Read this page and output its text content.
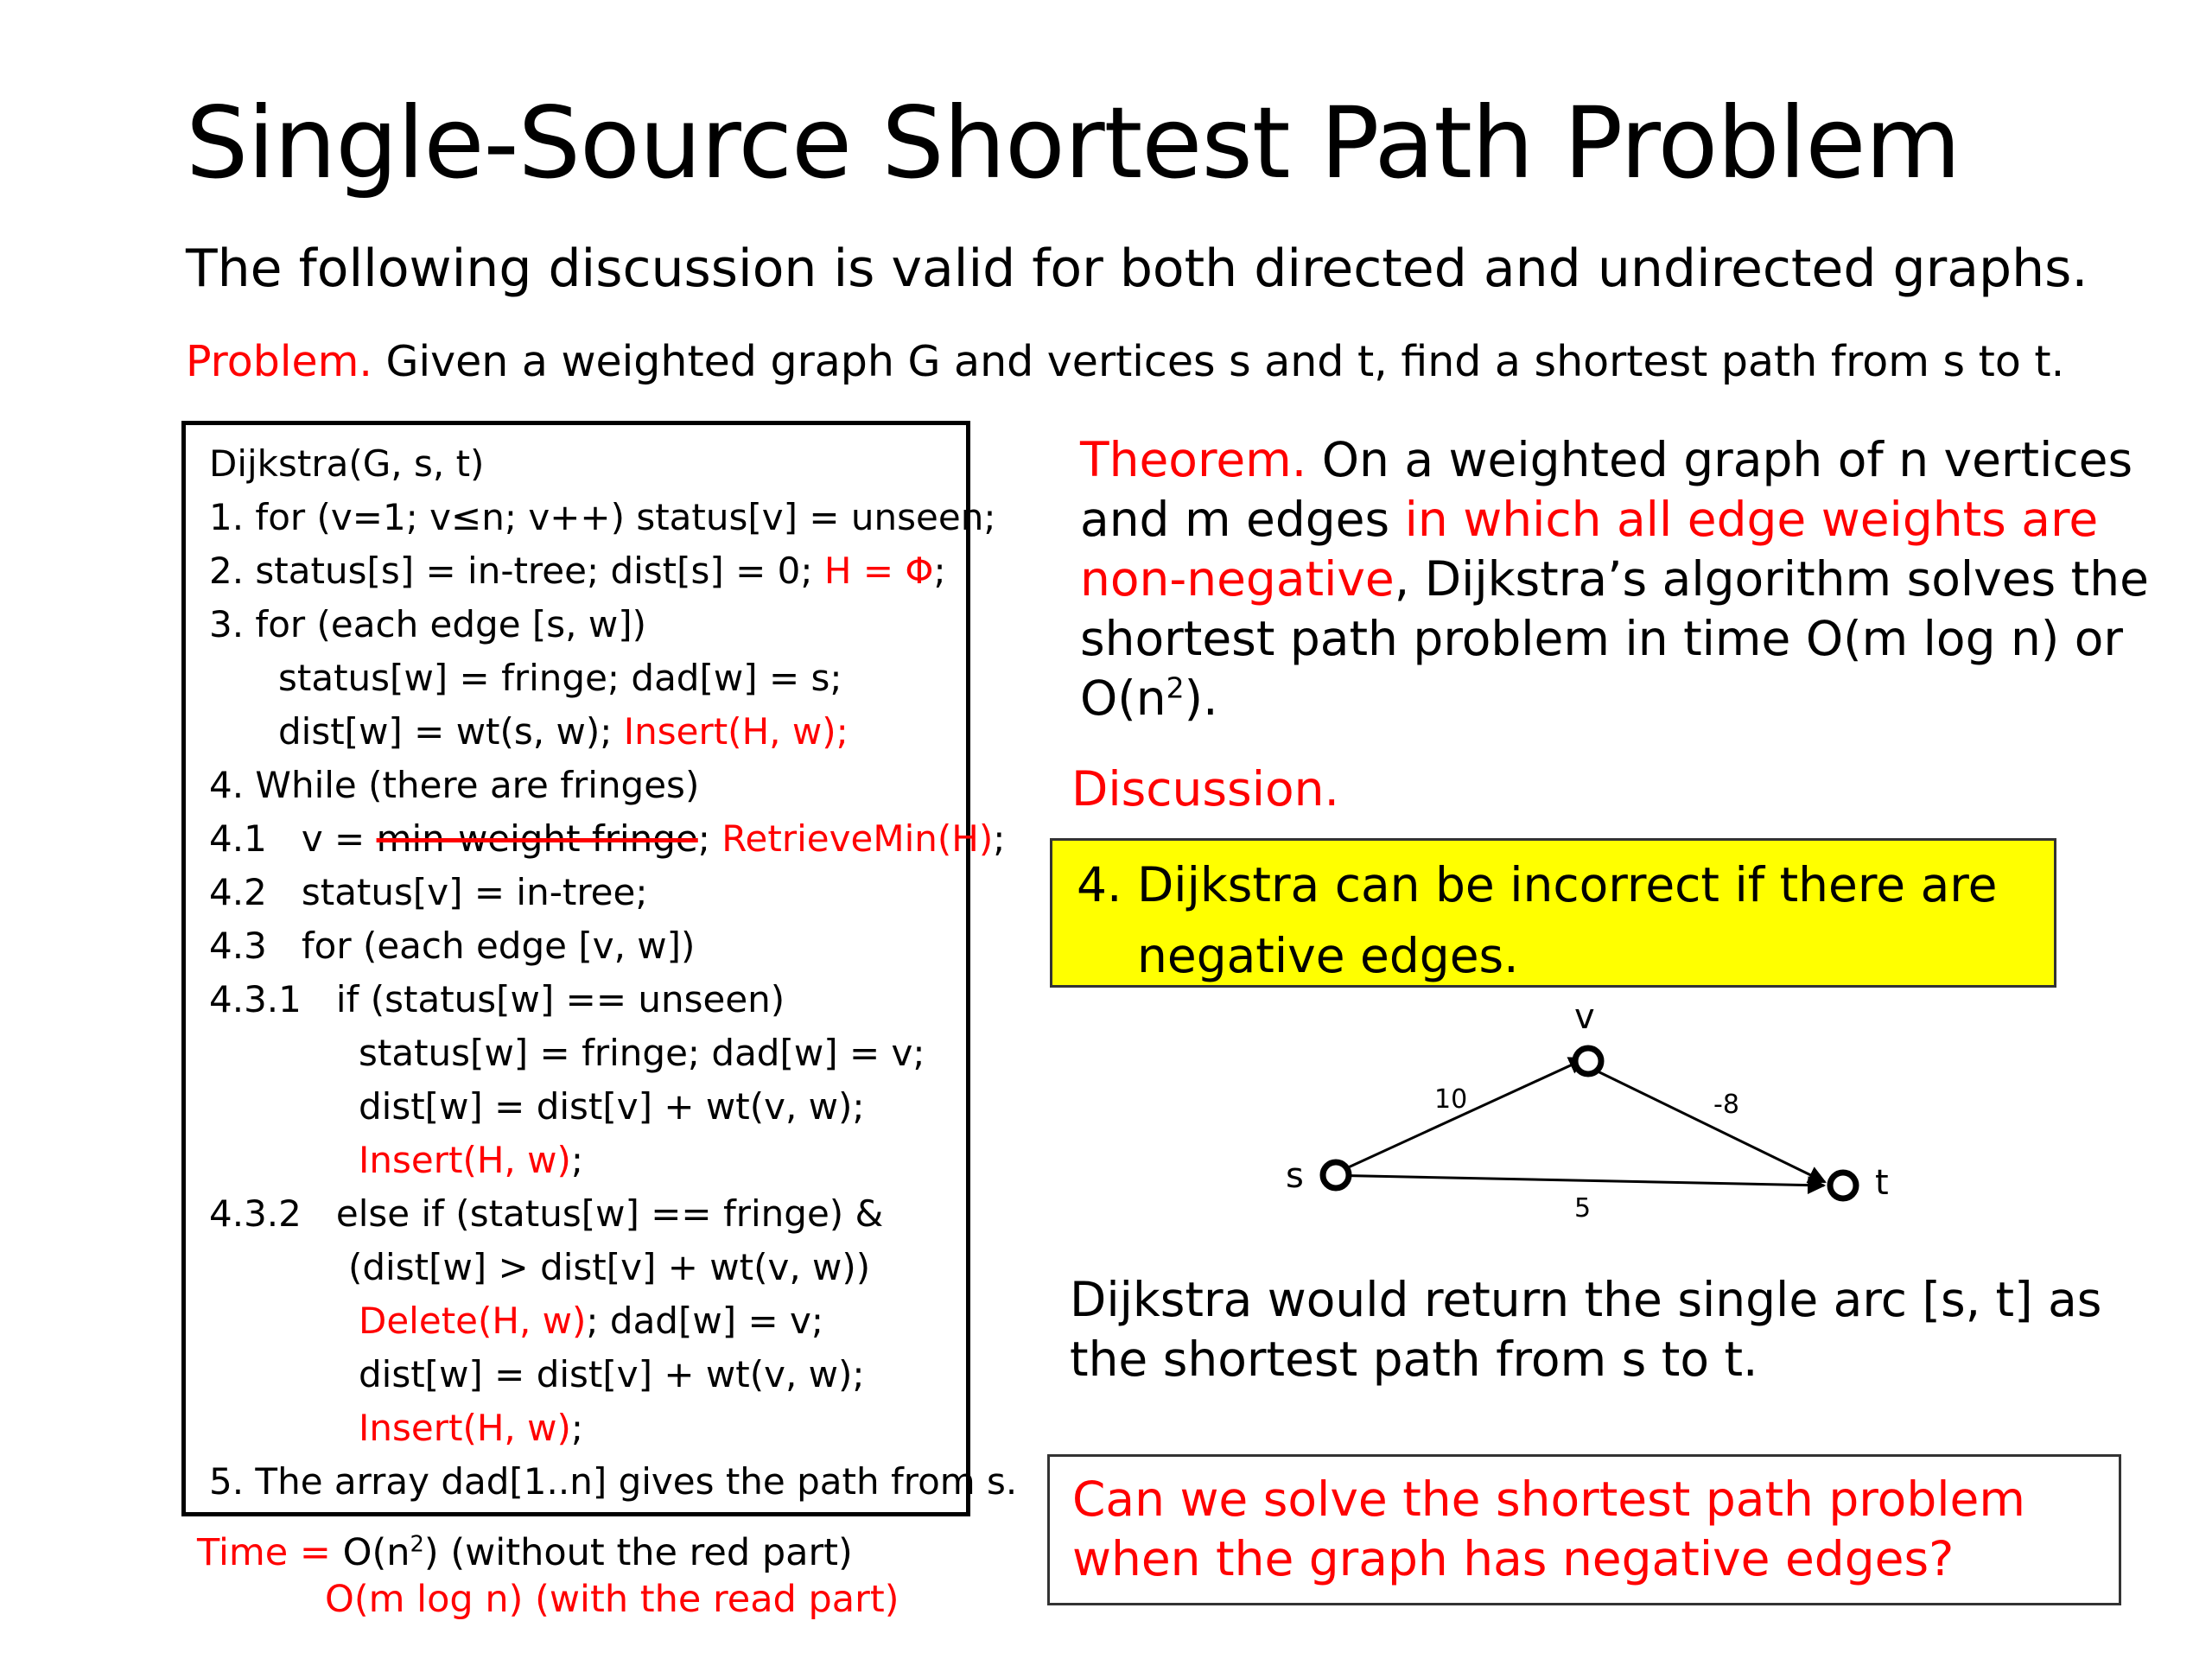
Single-Source Shortest Path Problem
The following discussion is valid for both directed and undirected graphs.
Problem. Given a weighted graph G and vertices s and t, find a shortest path from s to t.
Dijkstra(G, s, t)
1. for (v=1; v≤n; v++) status[v] = unseen;
2. status[s] = in-tree; dist[s] = 0; H = Φ;
3. for (each edge [s, w])
status[w] = fringe; dad[w] = s;
dist[w] = wt(s, w); Insert(H, w);
4. While (there are fringes)
4.1   v = min-weight fringe; RetrieveMin(H);
4.2   status[v] = in-tree;
4.3   for (each edge [v, w])
4.3.1   if (status[w] == unseen)
status[w] = fringe; dad[w] = v;
dist[w] = dist[v] + wt(v, w);
Insert(H, w);
4.3.2   else if (status[w] == fringe) &
(dist[w] > dist[v] + wt(v, w))
Delete(H, w); dad[w] = v;
dist[w] = dist[v] + wt(v, w);
Insert(H, w);
5. The array dad[1..n] gives the path from s.
Time = $O(n^2)$ (without the red part)
O(m log n) (with the read part)
Theorem. On a weighted graph of n vertices and m edges in which all edge weights are non-negative, Dijkstra’s algorithm solves the shortest path problem in time O(m log n) or $O(n^2)$.
Discussion.
4. Dijkstra can be incorrect if there are
negative edges.
s
v
t
10	-8
5
Dijkstra would return the single arc [s, t] as the shortest path from s to t.
Can we solve the shortest path problem when the graph has negative edges?
